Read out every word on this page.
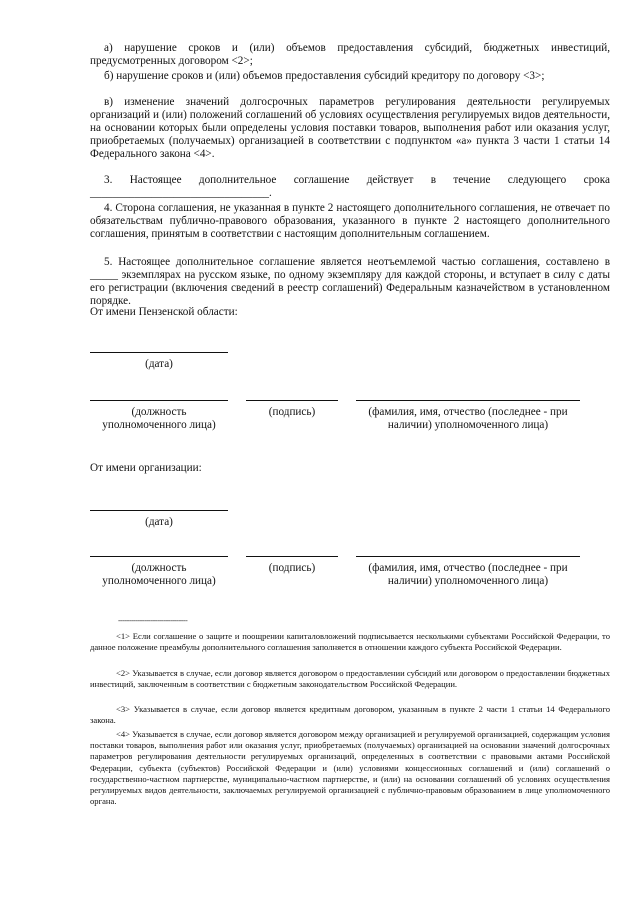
а) нарушение сроков и (или) объемов предоставления субсидий, бюджетных инвестиций, предусмотренных договором <2>;

б) нарушение сроков и (или) объемов предоставления субсидий кредитору по договору <3>;

в) изменение значений долгосрочных параметров регулирования деятельности регулируемых организаций и (или) положений соглашений об условиях осуществления регулируемых видов деятельности, на основании которых были определены условия поставки товаров, выполнения работ или оказания услуг, приобретаемых (получаемых) организацией в соответствии с подпунктом «а» пункта 3 части 1 статьи 14 Федерального закона <4>.

3. Настоящее дополнительное соглашение действует в течение следующего срока ________________________________.

4. Сторона соглашения, не указанная в пункте 2 настоящего дополнительного соглашения, не отвечает по обязательствам публично-правового образования, указанного в пункте 2 настоящего дополнительного соглашения, принятым в соответствии с настоящим дополнительным соглашением.

5. Настоящее дополнительное соглашение является неотъемлемой частью соглашения, составлено в _____ экземплярах на русском языке, по одному экземпляру для каждой стороны, и вступает в силу с даты его регистрации (включения сведений в реестр соглашений) Федеральным казначейством в установленном порядке.

От имени Пензенской области:
(дата)
(должность уполномоченного лица)
(подпись)	(фамилия, имя, отчество (последнее - при наличии) уполномоченного лица)
От имени организации:
(дата)
(должность уполномоченного лица)
(подпись)	(фамилия, имя, отчество (последнее - при наличии) уполномоченного лица)
--------------------------------

<1> Если соглашение о защите и поощрении капиталовложений подписывается несколькими субъектами Российской Федерации, то данное положение преамбулы дополнительного соглашения заполняется в отношении каждого субъекта Российской Федерации.

<2> Указывается в случае, если договор является договором о предоставлении субсидий или договором о предоставлении бюджетных инвестиций, заключенным в соответствии с бюджетным законодательством Российской Федерации.

<3> Указывается в случае, если договор является кредитным договором, указанным в пункте 2 части 1 статьи 14 Федерального закона.

<4> Указывается в случае, если договор является договором между организацией и регулируемой организацией, содержащим условия поставки товаров, выполнения работ или оказания услуг, приобретаемых (получаемых) организацией на основании значений долгосрочных параметров регулирования деятельности регулируемых организаций, определенных в соответствии с правовыми актами Российской Федерации, субъекта (субъектов) Российской Федерации и (или) условиями концессионных соглашений и (или) соглашений о государственно-частном партнерстве, муниципально-частном партнерстве, и (или) на основании соглашений об условиях осуществления регулируемых видов деятельности, заключаемых регулируемой организацией с публично-правовым образованием в лице уполномоченного органа.
